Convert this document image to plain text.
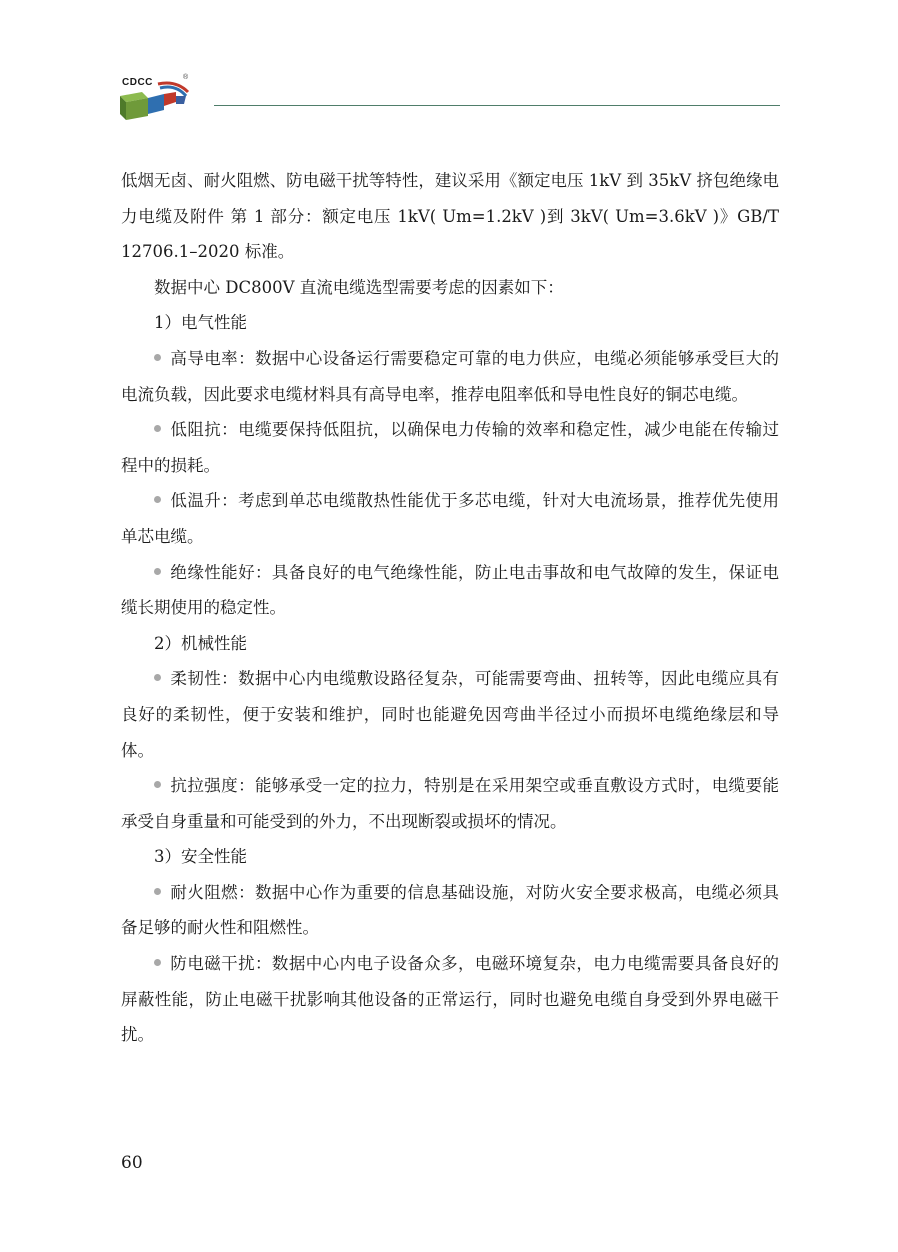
CDCC	®

低烟无卤、耐火阻燃、防电磁干扰等特性，建议采用《额定电压 1kV 到 35kV 挤包绝缘电力电缆及附件 第 1 部分：额定电压 1kV( Um=1.2kV )到 3kV( Um=3.6kV )》GB/T 12706.1–2020 标准。

数据中心 DC800V 直流电缆选型需要考虑的因素如下：

1）电气性能

高导电率：数据中心设备运行需要稳定可靠的电力供应，电缆必须能够承受巨大的电流负载，因此要求电缆材料具有高导电率，推荐电阻率低和导电性良好的铜芯电缆。

低阻抗：电缆要保持低阻抗，以确保电力传输的效率和稳定性，减少电能在传输过程中的损耗。

低温升：考虑到单芯电缆散热性能优于多芯电缆，针对大电流场景，推荐优先使用单芯电缆。

绝缘性能好：具备良好的电气绝缘性能，防止电击事故和电气故障的发生，保证电缆长期使用的稳定性。

2）机械性能

柔韧性：数据中心内电缆敷设路径复杂，可能需要弯曲、扭转等，因此电缆应具有良好的柔韧性，便于安装和维护，同时也能避免因弯曲半径过小而损坏电缆绝缘层和导体。

抗拉强度：能够承受一定的拉力，特别是在采用架空或垂直敷设方式时，电缆要能承受自身重量和可能受到的外力，不出现断裂或损坏的情况。

3）安全性能

耐火阻燃：数据中心作为重要的信息基础设施，对防火安全要求极高，电缆必须具备足够的耐火性和阻燃性。

防电磁干扰：数据中心内电子设备众多，电磁环境复杂，电力电缆需要具备良好的屏蔽性能，防止电磁干扰影响其他设备的正常运行，同时也避免电缆自身受到外界电磁干扰。

60
